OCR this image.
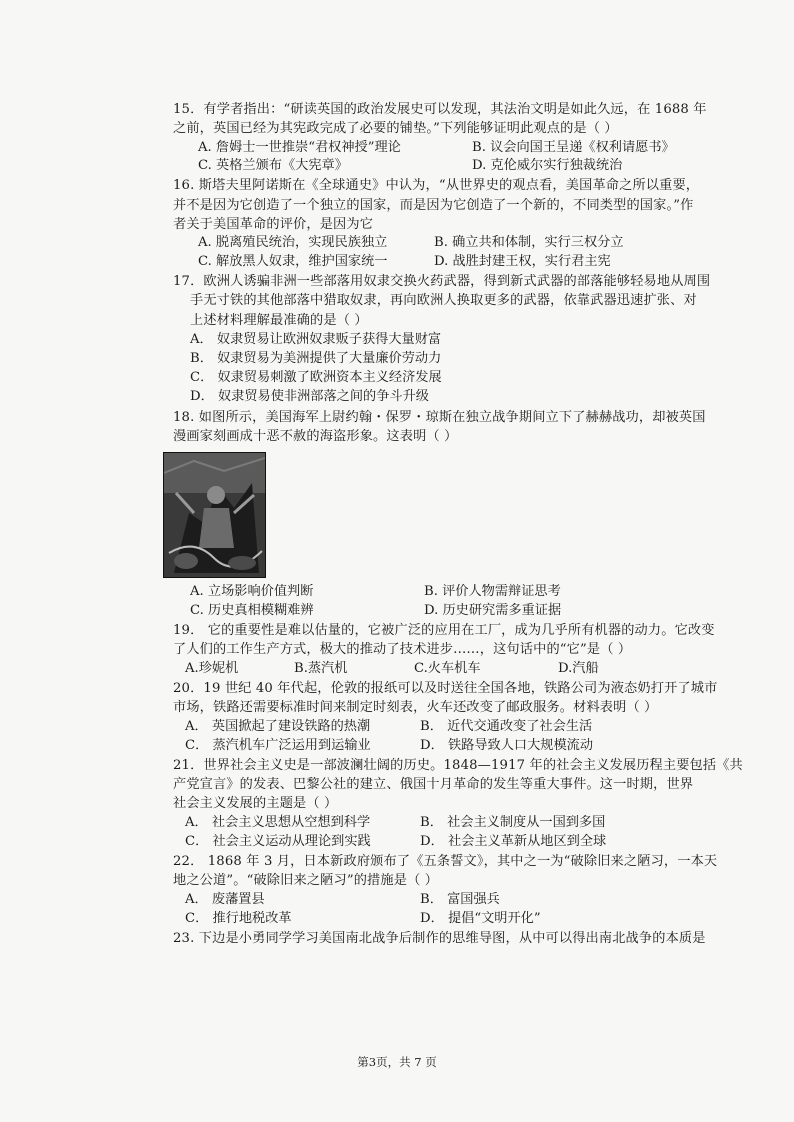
15．有学者指出：“研读英国的政治发展史可以发现，其法治文明是如此久远，在 1688 年
之前，英国已经为其宪政完成了必要的铺垫。”下列能够证明此观点的是（ ）
A. 詹姆士一世推崇“君权神授”理论	B. 议会向国王呈递《权利请愿书》
C. 英格兰颁布《大宪章》	D. 克伦威尔实行独裁统治
16. 斯塔夫里阿诺斯在《全球通史》中认为，“从世界史的观点看，美国革命之所以重要，
并不是因为它创造了一个独立的国家，而是因为它创造了一个新的，不同类型的国家。”作
者关于美国革命的评价，是因为它
A. 脱离殖民统治，实现民族独立	B. 确立共和体制，实行三权分立
C. 解放黑人奴隶，维护国家统一	D. 战胜封建王权，实行君主宪
17．欧洲人诱骗非洲一些部落用奴隶交换火药武器，得到新式武器的部落能够轻易地从周围
手无寸铁的其他部落中猎取奴隶，再向欧洲人换取更多的武器，依靠武器迅速扩张、对
上述材料理解最准确的是（ ）
A． 奴隶贸易让欧洲奴隶贩子获得大量财富
B． 奴隶贸易为美洲提供了大量廉价劳动力
C． 奴隶贸易刺激了欧洲资本主义经济发展
D． 奴隶贸易使非洲部落之间的争斗升级
18. 如图所示，美国海军上尉约翰・保罗・琼斯在独立战争期间立下了赫赫战功，却被英国
漫画家刻画成十恶不赦的海盗形象。这表明（ ）
A. 立场影响价值判断	B. 评价人物需辩证思考
C. 历史真相模糊难辨	D. 历史研究需多重证据
19． 它的重要性是难以估量的，它被广泛的应用在工厂，成为几乎所有机器的动力。它改变
了人们的工作生产方式，极大的推动了技术进步……，这句话中的“它”是（ ）
A.珍妮机	B.蒸汽机	C.火车机车	D.汽船
20．19 世纪 40 年代起，伦敦的报纸可以及时送往全国各地，铁路公司为液态奶打开了城市
市场，铁路还需要标准时间来制定时刻表，火车还改变了邮政服务。材料表明（ ）
A． 英国掀起了建设铁路的热潮	B． 近代交通改变了社会生活
C． 蒸汽机车广泛运用到运输业	D． 铁路导致人口大规模流动
21．世界社会主义史是一部波澜壮阔的历史。1848—1917 年的社会主义发展历程主要包括《共
产党宣言》的发表、巴黎公社的建立、俄国十月革命的发生等重大事件。这一时期，世界
社会主义发展的主题是（ ）
A． 社会主义思想从空想到科学	B． 社会主义制度从一国到多国
C． 社会主义运动从理论到实践	D． 社会主义革新从地区到全球
22． 1868 年 3 月，日本新政府颁布了《五条誓文》，其中之一为“破除旧来之陋习，一本天
地之公道”。“破除旧来之陋习”的措施是（ ）
A． 废藩置县	B． 富国强兵
C． 推行地税改革	D． 提倡“文明开化”
23. 下边是小勇同学学习美国南北战争后制作的思维导图，从中可以得出南北战争的本质是
第3页，共 7 页
